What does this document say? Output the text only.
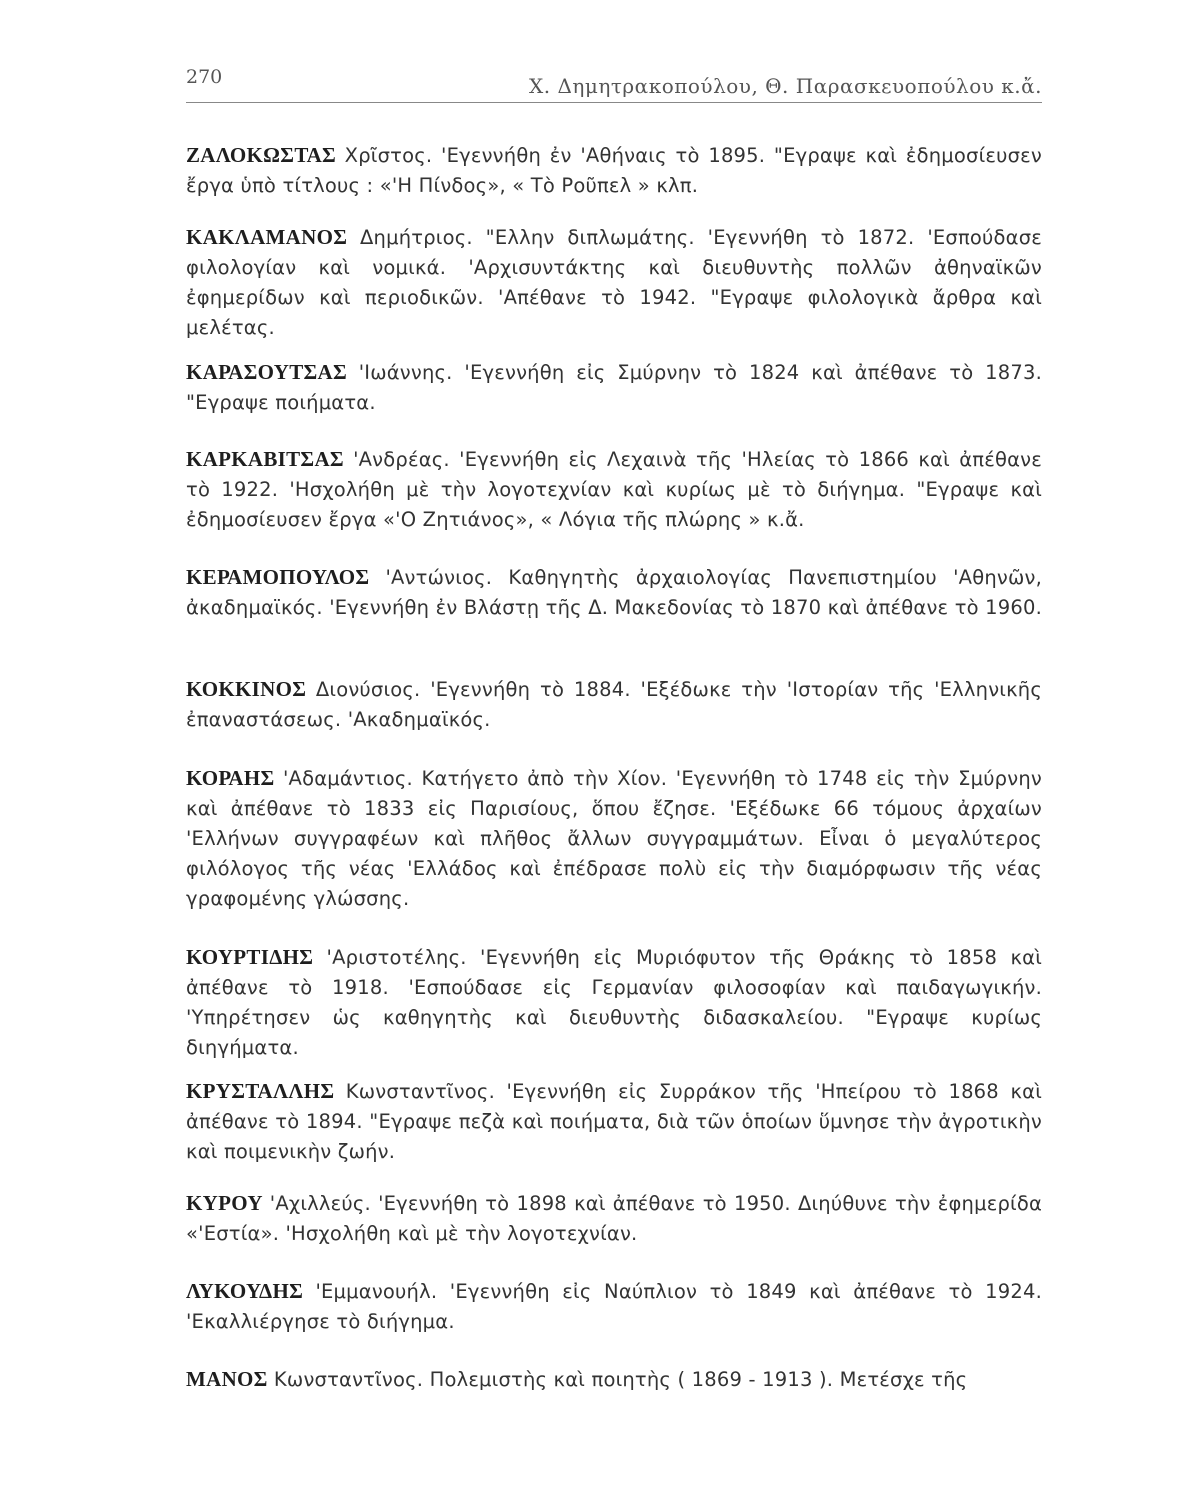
270	Χ. Δημητρακοπούλου, Θ. Παρασκευοπούλου κ.ἄ.
ΖΑΛΟΚΩΣΤΑΣ Χρῖστος. 'Εγεννήθη ἐν 'Αθήναις τὸ 1895. "Εγραψε καὶ ἐδημοσίευσεν ἔργα ὑπὸ τίτλους : «'Η Πίνδος», « Τὸ Ροῦπελ » κλπ.
ΚΑΚΛΑΜΑΝΟΣ Δημήτριος. "Ελλην διπλωμάτης. 'Εγεννήθη τὸ 1872. 'Εσπούδασε φιλολογίαν καὶ νομικά. 'Αρχισυντάκτης καὶ διευθυντὴς πολλῶν ἀθηναϊκῶν ἐφημερίδων καὶ περιοδικῶν. 'Απέθανε τὸ 1942. "Εγραψε φιλολογικὰ ἄρθρα καὶ μελέτας.
ΚΑΡΑΣΟΥΤΣΑΣ 'Ιωάννης. 'Εγεννήθη εἰς Σμύρνην τὸ 1824 καὶ ἀπέθανε τὸ 1873. "Εγραψε ποιήματα.
ΚΑΡΚΑΒΙΤΣΑΣ 'Ανδρέας. 'Εγεννήθη εἰς Λεχαινὰ τῆς 'Ηλείας τὸ 1866 καὶ ἀπέθανε τὸ 1922. 'Ησχολήθη μὲ τὴν λογοτεχνίαν καὶ κυρίως μὲ τὸ διήγημα. "Εγραψε καὶ ἐδημοσίευσεν ἔργα «'Ο Ζητιάνος», « Λόγια τῆς πλώρης » κ.ἄ.
ΚΕΡΑΜΟΠΟΥΛΟΣ 'Αντώνιος. Καθηγητὴς ἀρχαιολογίας Πανεπιστημίου 'Αθηνῶν, ἀκαδημαϊκός. 'Εγεννήθη ἐν Βλάστῃ τῆς Δ. Μακεδονίας τὸ 1870 καὶ ἀπέθανε τὸ 1960.
ΚΟΚΚΙΝΟΣ Διονύσιος. 'Εγεννήθη τὸ 1884. 'Εξέδωκε τὴν 'Ιστορίαν τῆς 'Ελληνικῆς ἐπαναστάσεως. 'Ακαδημαϊκός.
ΚΟΡΑΗΣ 'Αδαμάντιος. Κατήγετο ἀπὸ τὴν Χίον. 'Εγεννήθη τὸ 1748 εἰς τὴν Σμύρνην καὶ ἀπέθανε τὸ 1833 εἰς Παρισίους, ὅπου ἔζησε. 'Εξέδωκε 66 τόμους ἀρχαίων 'Ελλήνων συγγραφέων καὶ πλῆθος ἄλλων συγγραμμάτων. Εἶναι ὁ μεγαλύτερος φιλόλογος τῆς νέας 'Ελλάδος καὶ ἐπέδρασε πολὺ εἰς τὴν διαμόρφωσιν τῆς νέας γραφομένης γλώσσης.
ΚΟΥΡΤΙΔΗΣ 'Αριστοτέλης. 'Εγεννήθη εἰς Μυριόφυτον τῆς Θράκης τὸ 1858 καὶ ἀπέθανε τὸ 1918. 'Εσπούδασε εἰς Γερμανίαν φιλοσοφίαν καὶ παιδαγωγικήν. 'Υπηρέτησεν ὡς καθηγητὴς καὶ διευθυντὴς διδασκαλείου. "Εγραψε κυρίως διηγήματα.
ΚΡΥΣΤΑΛΛΗΣ Κωνσταντῖνος. 'Εγεννήθη εἰς Συρράκον τῆς 'Ηπείρου τὸ 1868 καὶ ἀπέθανε τὸ 1894. "Εγραψε πεζὰ καὶ ποιήματα, διὰ τῶν ὁποίων ὕμνησε τὴν ἀγροτικὴν καὶ ποιμενικὴν ζωήν.
ΚΥΡΟΥ 'Αχιλλεύς. 'Εγεννήθη τὸ 1898 καὶ ἀπέθανε τὸ 1950. Διηύθυνε τὴν ἐφημερίδα «'Εστία». 'Ησχολήθη καὶ μὲ τὴν λογοτεχνίαν.
ΛΥΚΟΥΔΗΣ 'Εμμανουήλ. 'Εγεννήθη εἰς Ναύπλιον τὸ 1849 καὶ ἀπέθανε τὸ 1924. 'Εκαλλιέργησε τὸ διήγημα.
ΜΑΝΟΣ Κωνσταντῖνος. Πολεμιστὴς καὶ ποιητὴς ( 1869 - 1913 ). Μετέσχε τῆς
